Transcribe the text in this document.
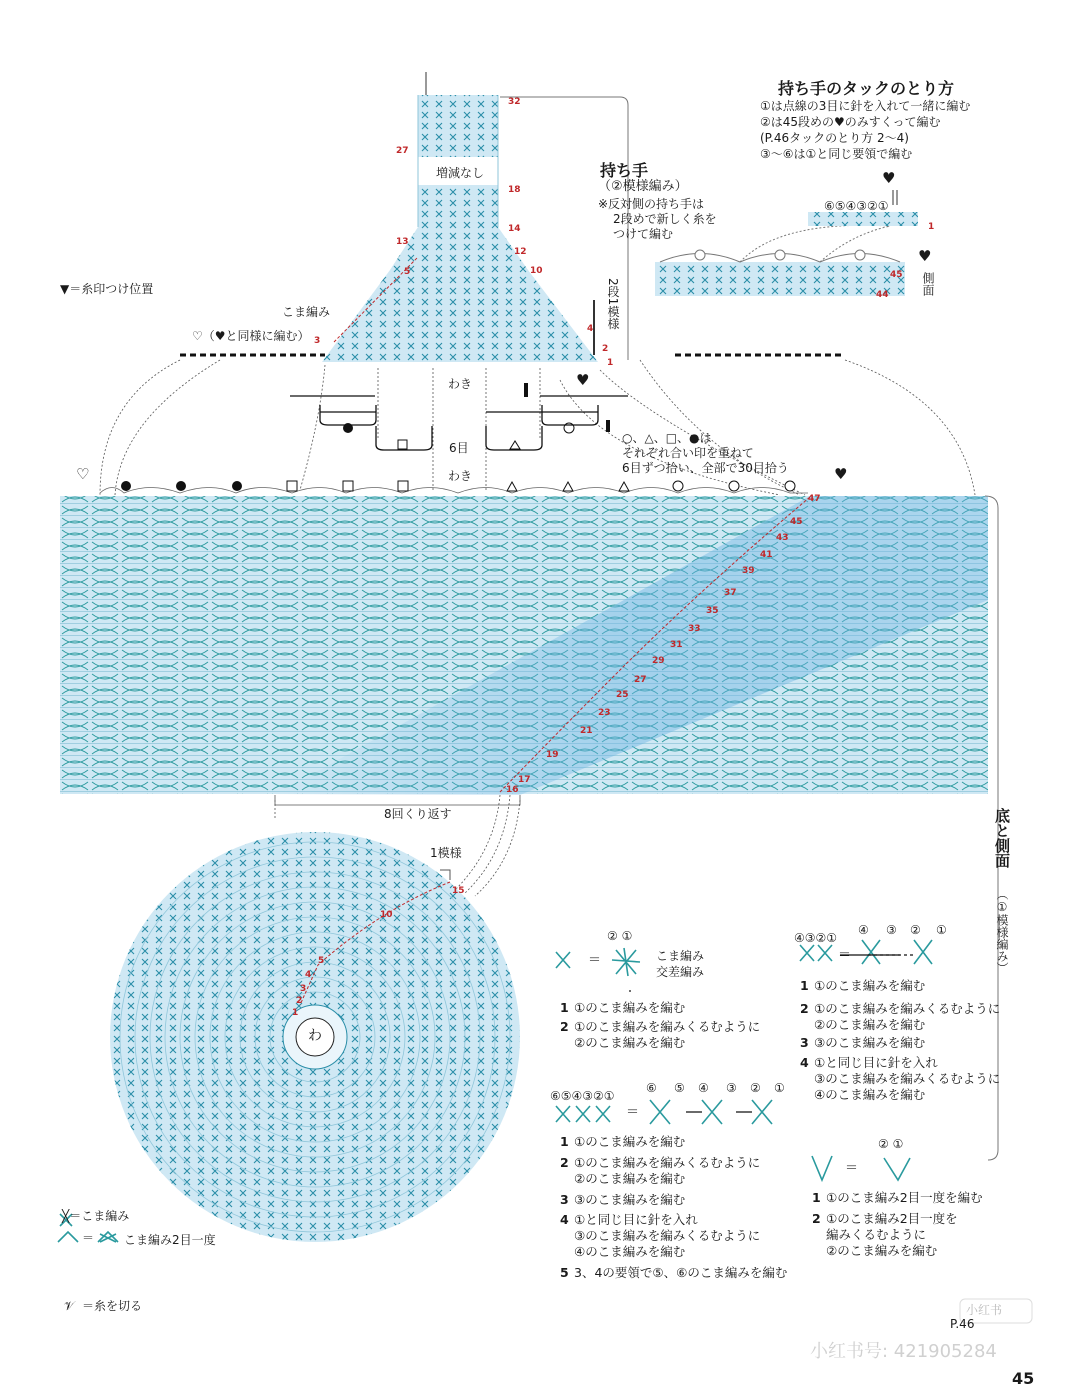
持ち手
（②模様編み）
※反対側の持ち手は
2段めで新しく糸を
つけて編む
増減なし
2段1模様
こま編み
32
27
18
14
13
12
10
5
4
3
2
1
持ち手のタックのとり方
①は点線の3目に針を入れて一緒に編む
②は45段めの♥のみすくって編む
(P.46タックのとり方 2〜4)
③〜⑥は①と同じ要領で編む
⑥⑤④③②①
45
44
1
側面
♥
♥
▼＝糸印つけ位置
♡（♥と同様に編む）
わき
わき
6目
○、△、□、●は
それぞれ合い印を重ねて
6目ずつ拾い、全部で30目拾う
♥
♥
♡
47
45
43
41
39
37
35
33
31
29
27
25
23
21
19
17
16
8回くり返す
1模様	底と側面
（①模様編み）
わ
15
10
5
4
3
2
1
╳＝こま編み
＝ こま編み2目一度
𝒱 ＝糸を切る
② ①
＝	こま編み
交差編み
1 ①のこま編みを編む
2 ①のこま編みを編みくるむように
②のこま編みを編む
④③②①
＝
④ ③ ② ①
1 ①のこま編みを編む
2 ①のこま編みを編みくるむように
②のこま編みを編む
3 ③のこま編みを編む
4 ①と同じ目に針を入れ
③のこま編みを編みくるむように
④のこま編みを編む
⑥⑤④③②①
＝
⑥ ⑤ ④ ③ ② ①
1 ①のこま編みを編む
2 ①のこま編みを編みくるむように
②のこま編みを編む
3 ③のこま編みを編む
4 ①と同じ目に針を入れ
③のこま編みを編みくるむように
④のこま編みを編む
5 3、4の要領で⑤、⑥のこま編みを編む
② ①
＝
1 ①のこま編み2目一度を編む
2 ①のこま編み2目一度を
編みくるむように
②のこま編みを編む
P.46
小红书
小红书号: 421905284
45
